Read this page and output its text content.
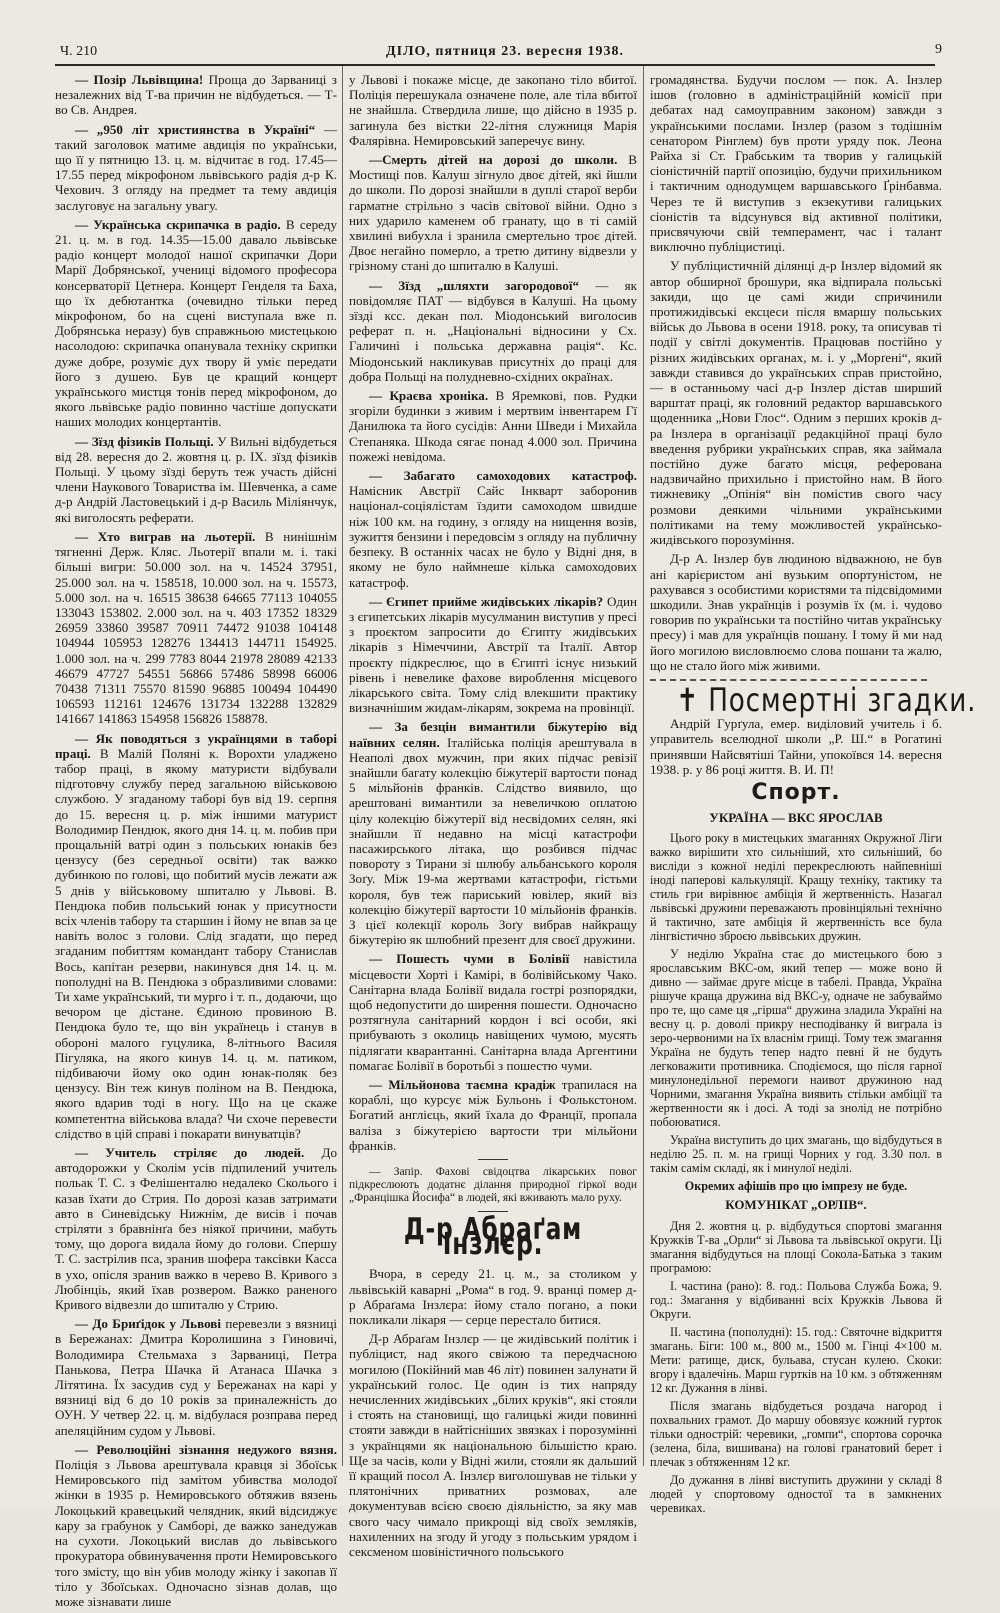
Ч. 210	ДІЛО, пятниця 23. вересня 1938.	9

— Позір Львівщина! Проща до Зарваниці з незалежних від Т-ва причин не відбудеться. — Т-во Св. Андрея.

— „950 літ християнства в Україні“ — такий заголовок матиме авдиція по українськи, що її у пятницю 13. ц. м. відчитає в год. 17.45—17.55 перед мікрофоном львівського радія д-р К. Чехович. З огляду на предмет та тему авдиція заслуговує на загальну увагу.

— Українська скрипачка в радіо. В середу 21. ц. м. в год. 14.35—15.00 давало львівське радіо концерт молодої нашої скрипачки Дори Марії Добрянської, учениці відомого професора консерваторії Цетнера. Концерт Генделя та Баха, що їх дебютантка (очевидно тільки перед мікрофоном, бо на сцені виступала вже п. Добрянська неразу) був справжньою мистецькою насолодою: скрипачка опанувала техніку скрипки дуже добре, розуміє дух твору й уміє передати його з душею. Був це кращий концерт українського мистця тонів перед мікрофоном, до якого львівське радіо повинно частіше допускати наших молодих концертантів.

— Зїзд фізиків Польщі. У Вильні відбудеться від 28. вересня до 2. жовтня ц. р. IX. зїзд фізиків Польщі. У цьому зїзді беруть теж участь дійсні члени Наукового Товариства ім. Шевченка, а саме д-р Андрій Ластовецький і д-р Василь Міліянчук, які виголосять реферати.

— Хто виграв на льотерії. В нинішнім тягненні Держ. Кляс. Льотерії впали м. і. такі більші вигри: 50.000 зол. на ч. 14524 37951, 25.000 зол. на ч. 158518, 10.000 зол. на ч. 15573, 5.000 зол. на ч. 16515 38638 64665 77113 104055 133043 153802. 2.000 зол. на ч. 403 17352 18329 26959 33860 39587 70911 74472 91038 104148 104944 105953 128276 134413 144711 154925. 1.000 зол. на ч. 299 7783 8044 21978 28089 42133 46679 47727 54551 56866 57486 58998 66006 70438 71311 75570 81590 96885 100494 104490 106593 112161 124676 131734 132288 132829 141667 141863 154958 156826 158878.

— Як поводяться з українцями в таборі праці. В Малій Поляні к. Ворохти уладжено табор праці, в якому матуристи відбували підготовчу службу перед загальною військовою службою. У згаданому таборі був від 19. серпня до 15. вересня ц. р. між іншими матурист Володимир Пендюк, якого дня 14. ц. м. побив при прощальній ватрі один з польських юнаків без цензусу (без середньої освіти) так важко дубинкою по голові, що побитий мусів лежати аж 5 днів у військовому шпиталю у Львові. В. Пендюка побив польський юнак у присутности всіх членів табору та старшин і йому не впав за це навіть волос з голови. Слід згадати, що перед згаданим побиттям командант табору Станислав Вось, капітан резерви, накинувся дня 14. ц. м. пополудні на В. Пендюка з образливими словами: Ти хаме український, ти мурго і т. п., додаючи, що вечором це дістане. Єдиною провиною В. Пендюка було те, що він українець і станув в обороні малого гуцулика, 8-літнього Василя Пігуляка, на якого кинув 14. ц. м. патиком, підбиваючи йому око один юнак-поляк без цензусу. Він теж кинув поліном на В. Пендюка, якого вдарив тоді в ногу. Що на це скаже компетентна військова влада? Чи схоче перевести слідство в цій справі і покарати винуватців?

— Учитель стріляє до людей. До автодорожки у Сколім усів підпилений учитель польак Т. С. з Фелішенталю недалеко Сколього і казав їхати до Стрия. По дорозі казав затримати авто в Синевідську Нижнім, де висів і почав стріляти з бравнінґа без ніякої причини, мабуть тому, що дорога видала йому до голови. Спершу Т. С. застрілив пса, зранив шофера таксівки Касса в ухо, опісля зранив важко в черево В. Кривого з Любінціь, який їхав розвером. Важко раненого Кривого відвезли до шпиталю у Стрию.

— До Бриґідок у Львові перевезли з вязниці в Бережанах: Дмитра Королишина з Гиновичі, Володимира Стельмаха з Зарваниці, Петра Панькова, Петра Шачка й Атанаса Шачка з Літятина. Їх засудив суд у Бережанах на карі у вязниці від 6 до 10 років за приналежність до ОУН. У четвер 22. ц. м. відбулася розправа перед апеляційним судом у Львові.

— Революційні зізнання недужого вязня. Поліція з Львова арештувала кравця зі Збоїськ Немировського під замітом убивства молодої жінки в 1935 р. Немировського обтяжив вязень Локоцький кравецький челядник, який відсиджує кару за грабунок у Самборі, де важко занедужав на сухоти. Локоцький вислав до львівського прокуратора обвинувачення проти Немировського того змісту, що він убив молоду жінку і закопав її тіло у Збоїськах. Одночасно зізнав долав, що може зізнавати лише

у Львові і покаже місце, де закопано тіло вбитої. Поліція перешукала означене поле, але тіла вбитої не знайшла. Ствердила лише, що дійсно в 1935 р. загинула без вістки 22-літня служниця Марія Фалярівна. Немировський заперечує вину.

—Смерть дітей на дорозі до школи. В Мостищі пов. Калуш зігнуло двоє дітей, які йшли до школи. По дорозі знайшли в дуплі старої верби гарматне стрільно з часів світової війни. Одно з них ударило каменем об гранату, що в ті самій хвилині вибухла і зранила смертельно троє дітей. Двоє негайно померло, а третю дитину відвезли у грізному стані до шпиталю в Калуші.

— Зїзд „шляхти загородової“ — як повідомляє ПАТ — відбувся в Калуші. На цьому зїзді ксс. декан пол. Міодонський виголосив реферат п. н. „Національні відносини у Сх. Галичині і польська державна рація“. Кс. Міодонський накликував присутніх до праці для добра Польщі на полудневно-східних окраїнах.

— Краєва хроніка. В Яремкові, пов. Рудки згоріли будинки з живим і мертвим інвентарем Гї Данилюка та його сусідів: Анни Шведи і Михайла Степаняка. Шкода сягає понад 4.000 зол. Причина пожежі невідома.

— Забагато самоходових катастроф. Намісник Австрії Сайс Інкварт заборонив націонал-соціялістам їздити самоходом швидше ніж 100 км. на годину, з огляду на нищення возів, зужиття бензини і передовсім з огляду на публичну безпеку. В останніх часах не було у Відні дня, в якому не було наймнеше кілька самоходових катастроф.

— Єгипет прийме жидівських лікарів? Один з єгипетських лікарів мусулманин виступив у пресі з проєктом запросити до Єгипту жидівських лікарів з Німеччини, Австрії та Італії. Автор проєкту підкреслює, що в Єгипті існує низький рівень і невелике фахове вироблення місцевого лікарського світа. Тому слід влекшити практику визначнішим жидам-лікарям, зокрема на провінції.

— За безцін вимантили біжутерію від наївних селян. Італійська поліція арештувала в Неаполі двох мужчин, при яких підчас ревізії знайшли багату колекцію біжутерії вартости понад 5 мільйонів франків. Слідство виявило, що арештовані вимантили за невеличкою оплатою цілу колекцію біжутерії від несвідомих селян, які знайшли її недавно на місці катастрофи пасажирського літака, що розбився підчас повороту з Тирани зі шлюбу альбанського короля Зоґу. Між 19-ма жертвами катастрофи, гістьми короля, був теж париський ювілер, який віз колекцію біжутерії вартости 10 мільйонів франків. З цієї колекції король Зоґу вибрав найкращу біжутерію як шлюбний презент для своєї дружини.

— Пошесть чуми в Болівії навістила місцевости Хорті і Камірі, в болівійському Чако. Санітарна влада Болівії видала гострі розпорядки, щоб недопустити до ширення пошести. Одночасно розтягнула санітарний кордон і всі особи, які прибувають з околиць навіщених чумою, мусять підлягати кварантанні. Санітарна влада Аргентини помагає Болівії в боротьбі з пошестю чуми.

— Мільйонова таємна крадіж трапилася на кораблі, що курсує між Бульонь і Фолькстоном. Богатий англієць, який їхала до Франції, пропала валіза з біжутерією вартости три мільйони франків.

— Запір. Фахові свідоцтва лікарських повог підкреслюють додатнє ділання природної гіркої води „Францішка Йосифа“ в людей, які вживають мало руху.

Д-р Абраґам Інзлєр.

Вчора, в середу 21. ц. м., за столиком у львівській каварні „Рома“ в год. 9. вранці помер д-р Абраґама Інзлєра: йому стало погано, а поки покликали лікаря — серце перестало битися.

Д-р Абраґам Інзлєр — це жидівський політик і публіцист, над якого свіжою та передчасною могилою (Покійний мав 46 літ) повинен залунати й український голос. Це один із тих напряду нечисленних жидівських „білих круків“, які стояли і стоять на становищі, що галицькі жиди повинні стояти завжди в найтісніших звязках і порозумінні з українцями як національною більшістю краю. Ще за часів, коли у Відні жили, стояли як дальший її кращий посол А. Інзлєр виголошував не тільки у плятонічних приватних розмовах, але документував всією своєю діяльністю, за яку мав свого часу чимало прикрощі від своїх земляків, нахиленних на згоду й угоду з польським урядом і сексменом шовіністичного польського

громадянства. Будучи послом — пок. А. Інзлер ішов (головно в адміністраційній комісії при дебатах над самоуправним законом) завжди з українськими послами. Інзлер (разом з тодішнім сенатором Рінглем) був проти уряду пок. Леона Райха зі Ст. Грабським та творив у галицькій сіоністичній партії опозицію, будучи прихильником і тактичним однодумцем варшавського Ґрінбавма. Через те й виступив з екзекутиви галицьких сіоністів та відсунувся від активної політики, присвячуючи свій темперамент, час і талант виключно публіцистиці.

У публіцистичній ділянці д-р Інзлер відомий як автор обширної брошури, яка відпирала польські закиди, що це самі жиди спричинили протижидівські ексцеси після вмаршу польських військ до Львова в осени 1918. року, та описував ті події у світлі документів. Працював постійно у різних жидівських органах, м. і. у „Морґені“, який завжди ставився до українських справ пристойно, — в останньому часі д-р Інзлер дістав ширший варштат праці, як головний редактор варшавського щоденника „Нови Глос“. Одним з перших кроків д-ра Інзлера в організації редакційної праці було введення рубрики українських справ, яка займала постійно дуже багато місця, реферована надзвичайно прихильно і пристойно нам. В його тижневику „Опінія“ він помістив свого часу розмови деякими чільними українськими політиками на тему можливостей українсько-жидівського порозуміння.

Д-р А. Інзлер був людиною відважною, не був ані карієристом ані вузьким опортуністом, не рахувався з особистими користями та підсвідомими шкодили. Знав українців і розумів їх (м. і. чудово говорив по українськи та постійно читав українську пресу) і мав для українців пошану. І тому й ми над його могилою висловлюємо слова пошани та жалю, що не стало його між живими.

✝ Посмертні згадки.

Андрій Гурґула, емер. виділовий учитель і б. управитель вселюдної школи „Р. Ш.“ в Рогатині принявши Найсвятіші Тайни, упокоївся 14. вересня 1938. р. у 86 році життя. В. И. П!

Спорт.
УКРАЇНА — ВКС ЯРОСЛАВ

Цього року в мистецьких змаганнях Окружної Ліги важко вирішити хто сильніший, хто сильніший, бо висліди з кожної неділі перекреслюють найпевніші іноді паперові калькуляції. Кращу техніку, тактику та стиль гри вирівнює амбіція й жертвенність. Назагал львівські дружини переважають провінціяльні технічно й тактично, зате амбіція й жертвенність все була лінгвістично зброєю львівських дружин.

У неділю Україна стає до мистецького бою з ярославським ВКС-ом, який тепер — може воно й дивно — займає друге місце в табелі. Правда, Україна рішуче краща дружина від ВКС-у, одначе не забуваймо про те, що саме ця „гірша“ дружина зладила Україні на весну ц. р. доволі прикру несподіванку й виграла із зеро-червоними на їх власнім грищі. Тому теж змагання Україна не будуть тепер надто певні й не будуть легковажити противника. Сподіємося, що після гарної минулонедільної перемоги наивот дружиною над Чорними, змагання Україна виявить стільки амбіції та жертвенности як і досі. А тоді за знолід не потрібно побоюватися.

Україна виступить до цих змагань, що відбудуться в неділю 25. п. м. на грищі Чорних у год. 3.30 пол. в такім самім складі, як і минулої неділі.

Окремих афішів про цю імпрезу не буде.

КОМУНІКАТ „ОРЛІВ“.

Дня 2. жовтня ц. р. відбудуться спортові змагання Кружків Т-ва „Орли“ зі Львова та львівської округи. Ці змагання відбудуться на площі Сокола-Батька з таким програмою:

І. частина (рано): 8. год.: Польова Служба Божа, 9. год.: Змагання у відбиванні всіх Кружків Львова й Округи.

ІІ. частина (пополудні): 15. год.: Святочне відкриття змагань. Біги: 100 м., 800 м., 1500 м. Гінці 4×100 м. Мети: ратище, диск, бульава, стусан кулею. Скоки: вгору і вдалечінь. Марш гуртків на 10 км. з обтяженням 12 кг. Дужання в лінві.

Після змагань відбудеться роздача нагород і похвальних грамот. До маршу обовязує кожний гурток тільки однострій: черевики, „гомпи“, спортова сорочка (зелена, біла, вишивана) на голові гранатовий берет і плечак з обтяженням 12 кг.

До дужання в лінві виступить дружини у складі 8 людей у спортовому одностої та в замкнених черевиках.
